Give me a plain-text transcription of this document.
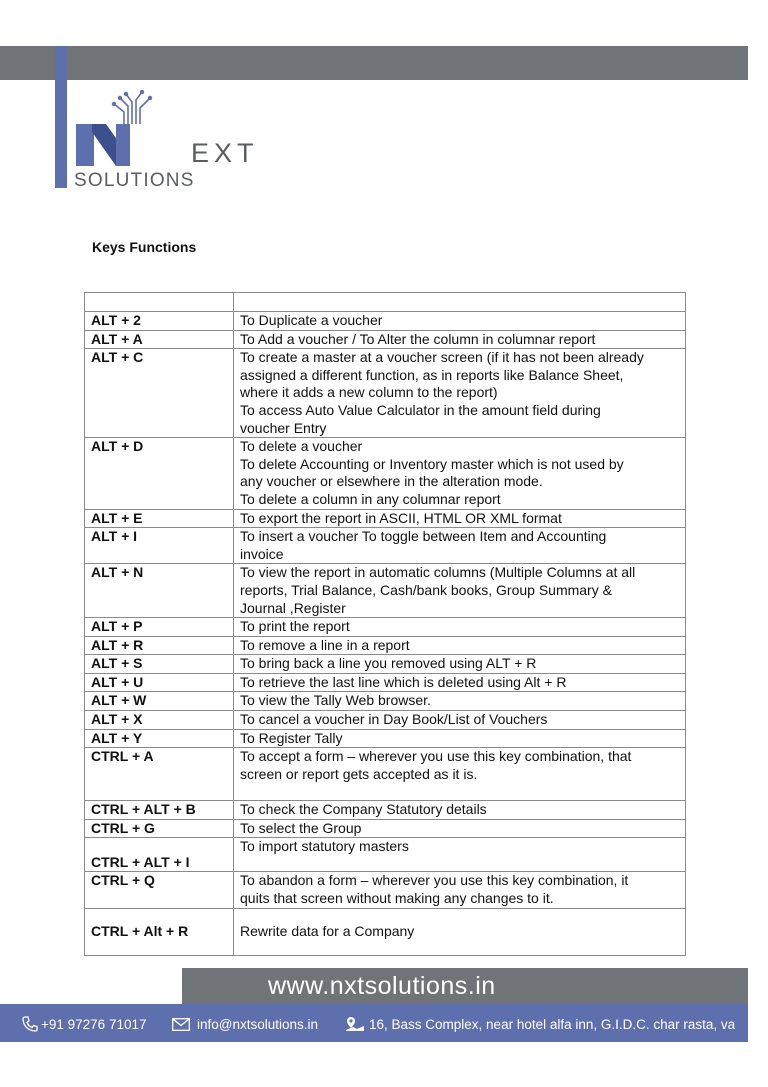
EXT
SOLUTIONS
Keys Functions

ALT + 2	To Duplicate a voucher

ALT + A	To Add a voucher / To Alter the column in columnar report

ALT + C	To create a master at a voucher screen (if it has not been already
assigned a different function, as in reports like Balance Sheet,
where it adds a new column to the report)
To access Auto Value Calculator in the amount field during
voucher Entry

ALT + D	To delete a voucher
To delete Accounting or Inventory master which is not used by
any voucher or elsewhere in the alteration mode.
To delete a column in any columnar report

ALT + E	To export the report in ASCII, HTML OR XML format

ALT + I	To insert a voucher To toggle between Item and Accounting
invoice

ALT + N	To view the report in automatic columns (Multiple Columns at all
reports, Trial Balance, Cash/bank books, Group Summary &
Journal ,Register

ALT + P	To print the report

ALT + R	To remove a line in a report

ALT + S	To bring back a line you removed using ALT + R

ALT + U	To retrieve the last line which is deleted using Alt + R

ALT + W	To view the Tally Web browser.

ALT + X	To cancel a voucher in Day Book/List of Vouchers

ALT + Y	To Register Tally

CTRL + A	To accept a form – wherever you use this key combination, that
screen or report gets accepted as it is.

CTRL + ALT + B	To check the Company Statutory details

CTRL + G	To select the Group

CTRL + ALT + I	To import statutory masters

CTRL + Q	To abandon a form – wherever you use this key combination, it
quits that screen without making any changes to it.

CTRL + Alt + R	Rewrite data for a Company
www.nxtsolutions.in
+91 97276 71017	info@nxtsolutions.in	16, Bass Complex, near hotel alfa inn, G.I.D.C. char rasta, va
